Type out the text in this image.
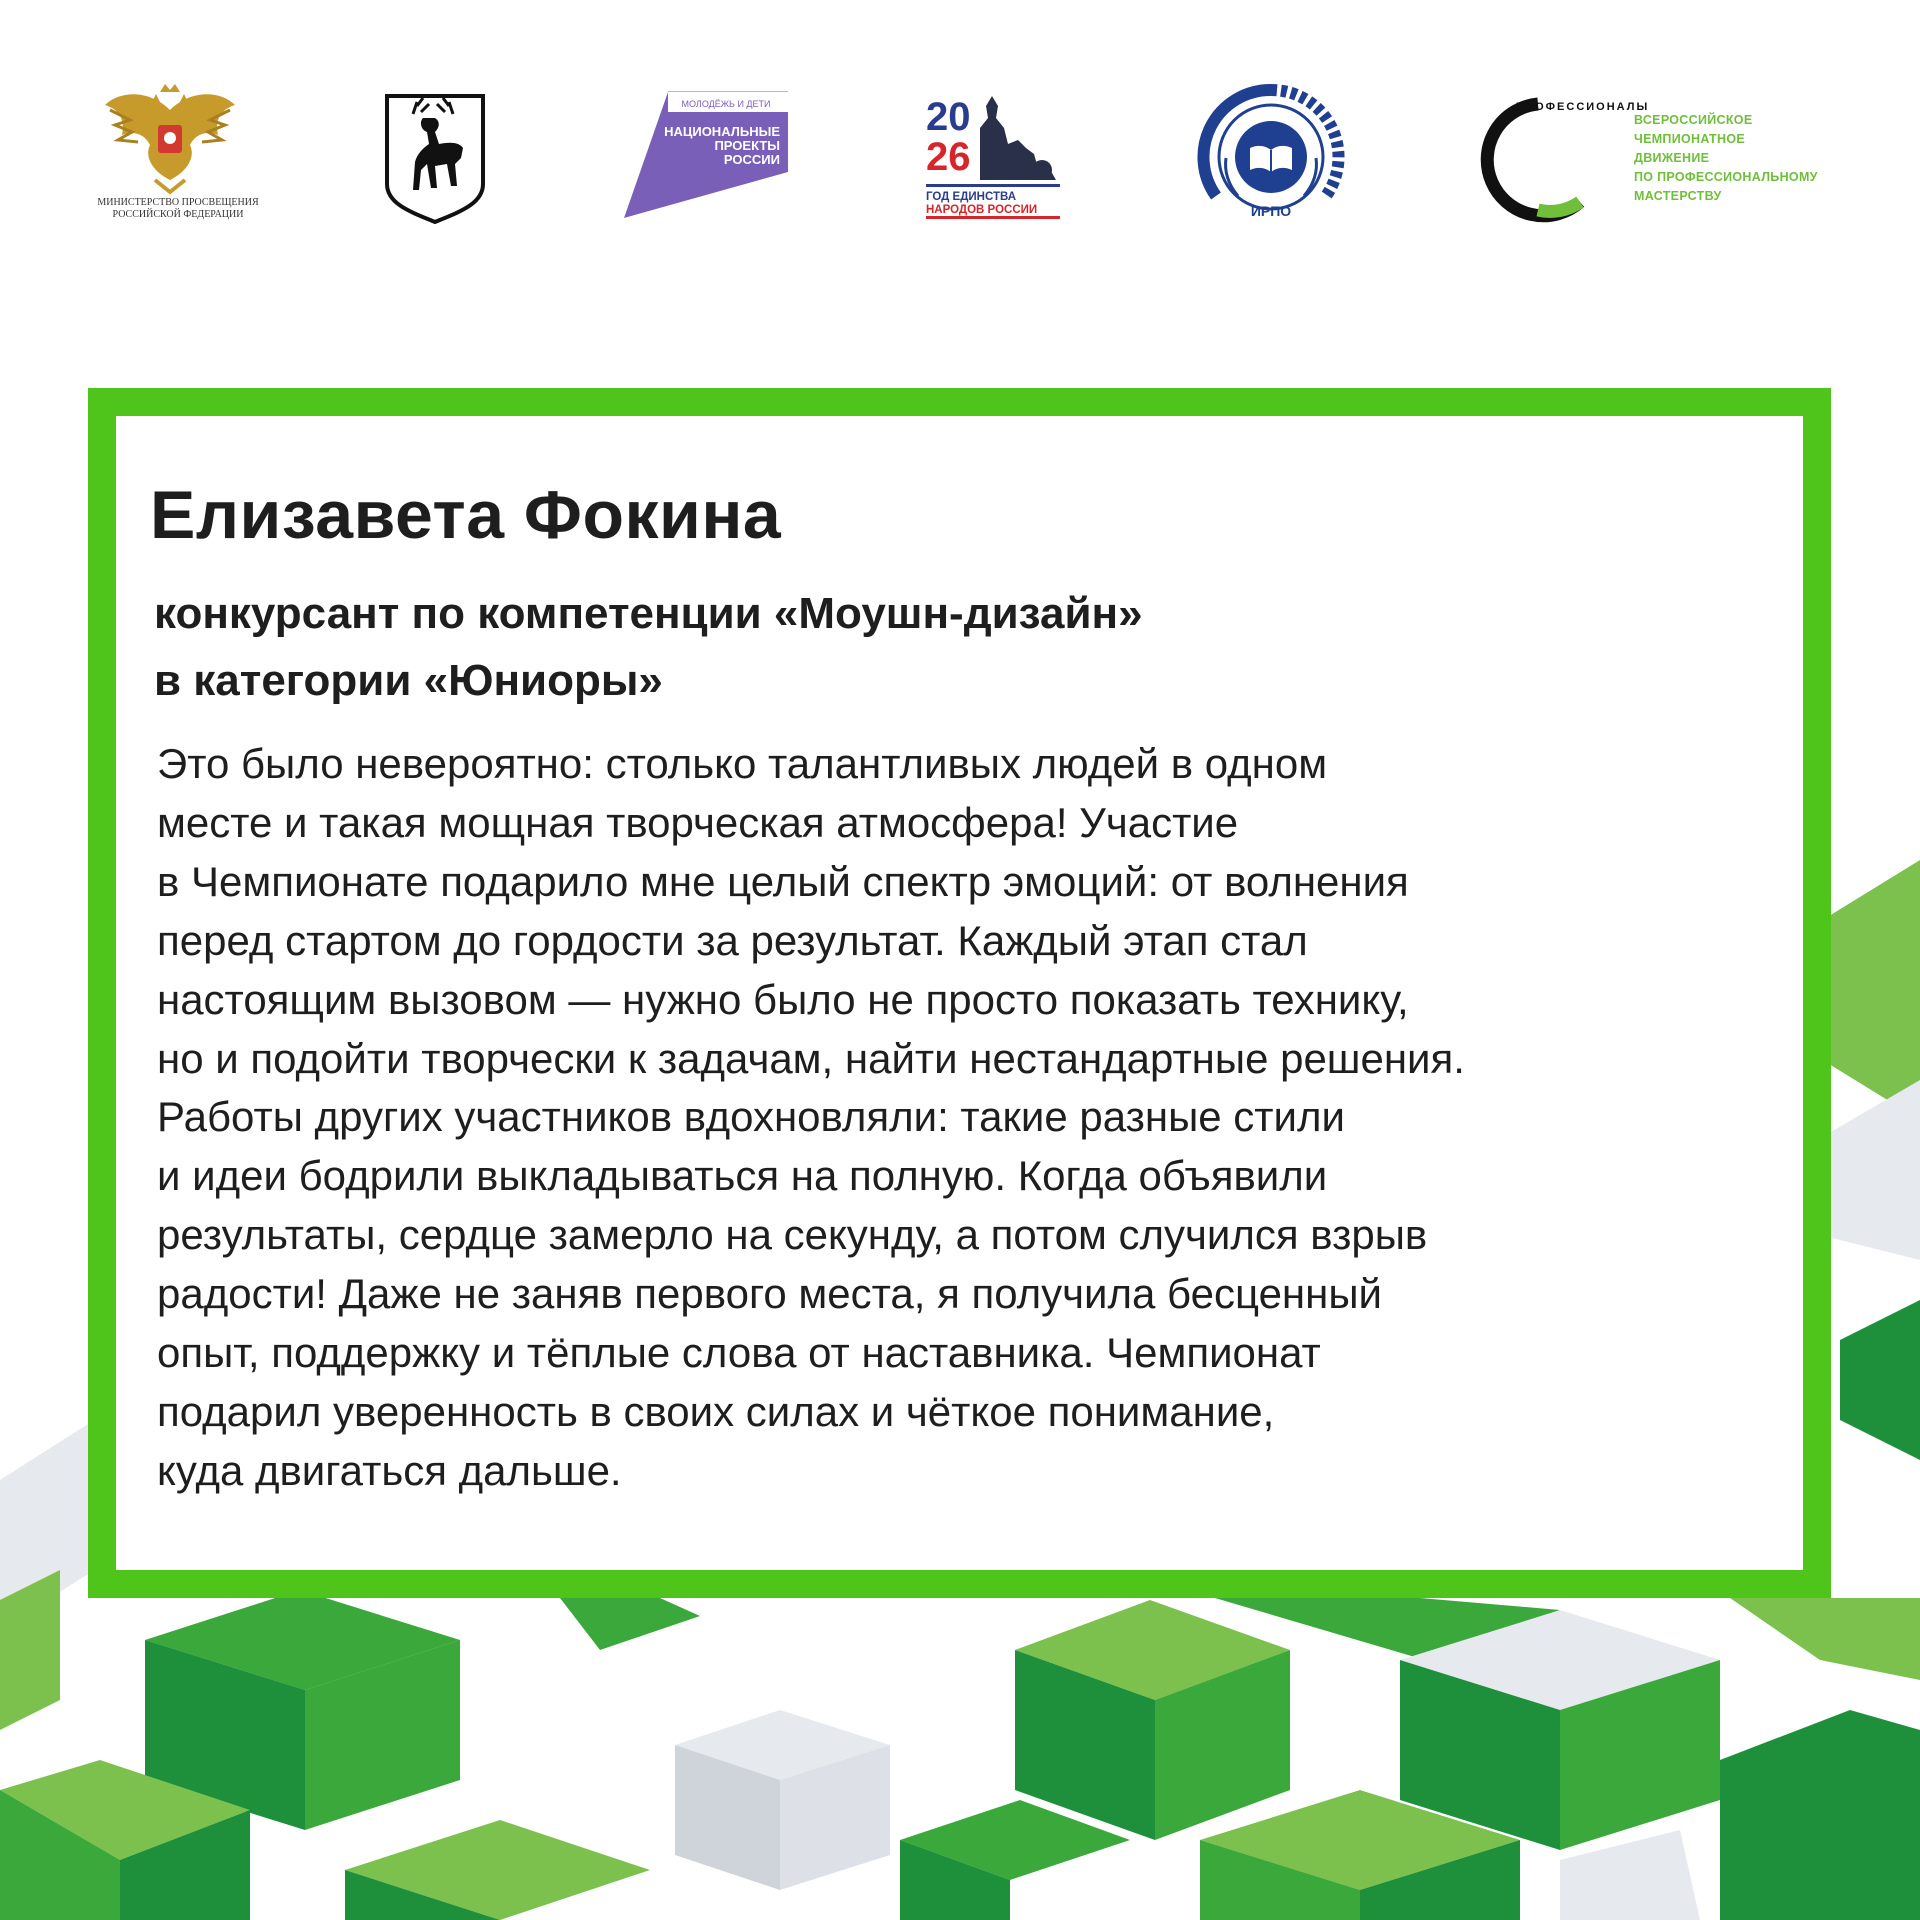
МИНИСТЕРСТВО ПРОСВЕЩЕНИЯ
РОССИЙСКОЙ ФЕДЕРАЦИИ
МОЛОДЁЖЬ И ДЕТИ
НАЦИОНАЛЬНЫЕ
ПРОЕКТЫ
РОССИИ
20
26
ГОД ЕДИНСТВА
НАРОДОВ РОССИИ	ИРПО
ПРОФЕССИОНАЛЫ
ВСЕРОССИЙСКОЕ
ЧЕМПИОНАТНОЕ
ДВИЖЕНИЕ
ПО ПРОФЕССИОНАЛЬНОМУ
МАСТЕРСТВУ
Елизавета Фокина
конкурсант по компетенции «Моушн-дизайн»
в категории «Юниоры»
Это было невероятно: столько талантливых людей в одном
месте и такая мощная творческая атмосфера! Участие
в Чемпионате подарило мне целый спектр эмоций: от волнения
перед стартом до гордости за результат. Каждый этап стал
настоящим вызовом — нужно было не просто показать технику,
но и подойти творчески к задачам, найти нестандартные решения.
Работы других участников вдохновляли: такие разные стили
и идеи бодрили выкладываться на полную. Когда объявили
результаты, сердце замерло на секунду, а потом случился взрыв
радости! Даже не заняв первого места, я получила бесценный
опыт, поддержку и тёплые слова от наставника. Чемпионат
подарил уверенность в своих силах и чёткое понимание,
куда двигаться дальше.
